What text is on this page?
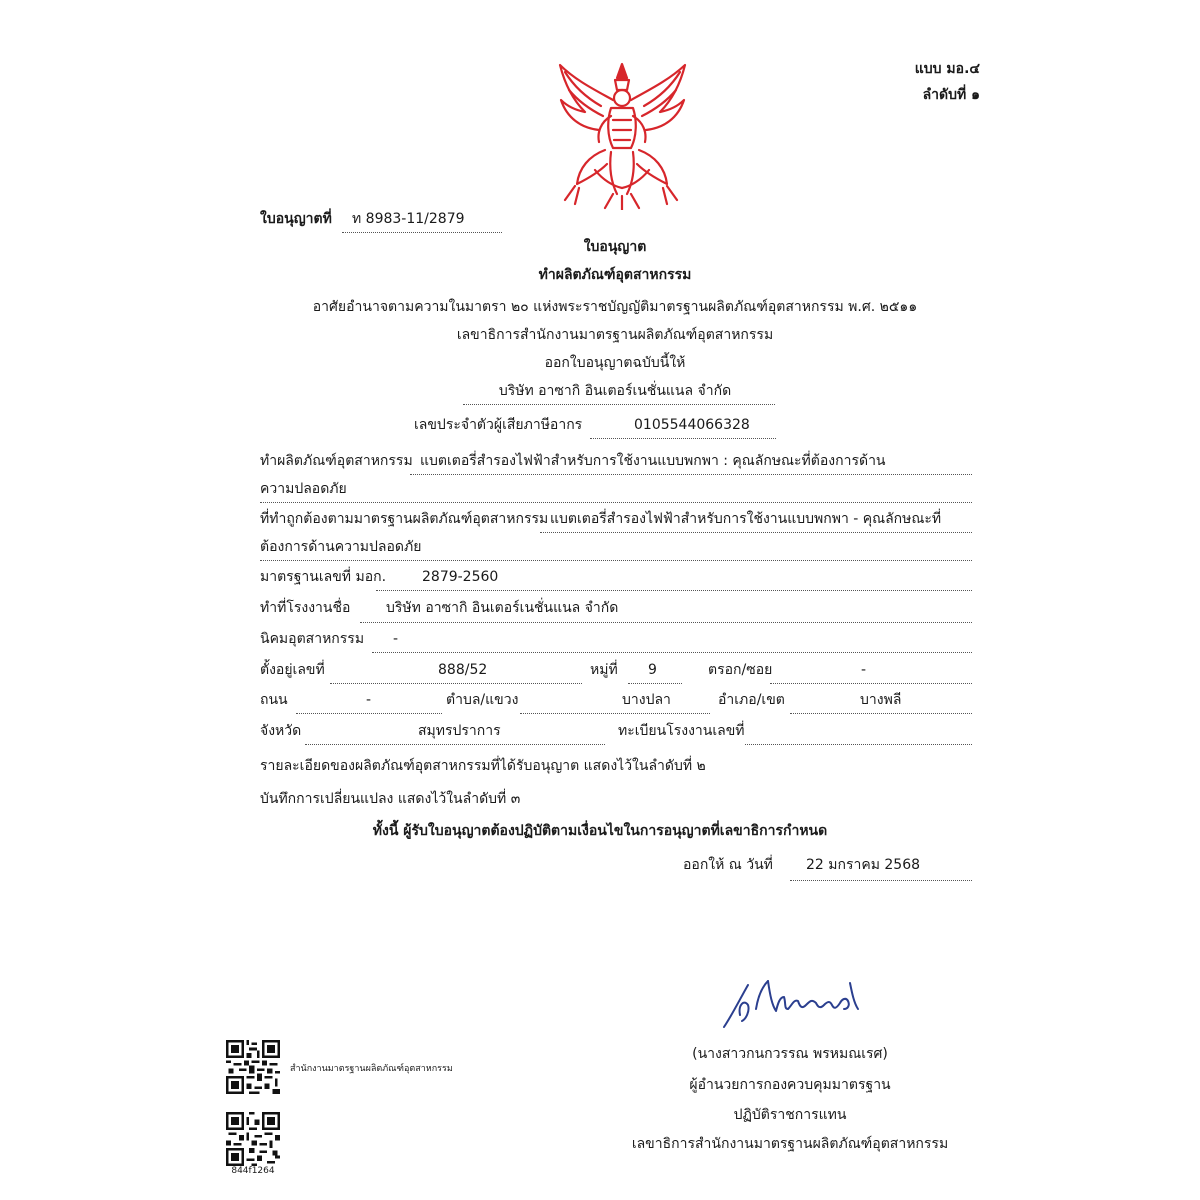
แบบ มอ.๔
ลำดับที่ ๑
ใบอนุญาตที่ ท 8983-11/2879
ใบอนุญาต
ทำผลิตภัณฑ์อุตสาหกรรม
อาศัยอำนาจตามความในมาตรา ๒๐ แห่งพระราชบัญญัติมาตรฐานผลิตภัณฑ์อุตสาหกรรม พ.ศ. ๒๕๑๑
เลขาธิการสำนักงานมาตรฐานผลิตภัณฑ์อุตสาหกรรม
ออกใบอนุญาตฉบับนี้ให้
บริษัท อาซากิ อินเตอร์เนชั่นแนล จำกัด
เลขประจำตัวผู้เสียภาษีอากร	0105544066328
ทำผลิตภัณฑ์อุตสาหกรรม แบตเตอรี่สำรองไฟฟ้าสำหรับการใช้งานแบบพกพา : คุณลักษณะที่ต้องการด้าน
ความปลอดภัย
ที่ทำถูกต้องตามมาตรฐานผลิตภัณฑ์อุตสาหกรรม แบตเตอรี่สำรองไฟฟ้าสำหรับการใช้งานแบบพกพา - คุณลักษณะที่
ต้องการด้านความปลอดภัย
มาตรฐานเลขที่ มอก.	2879-2560
ทำที่โรงงานชื่อ	บริษัท อาซากิ อินเตอร์เนชั่นแนล จำกัด
นิคมอุตสาหกรรม -
ตั้งอยู่เลขที่	888/52	หมู่ที่ 9	ตรอก/ซอย	-
ถนน	-	ตำบล/แขวง	บางปลา	อำเภอ/เขต	บางพลี
จังหวัด	สมุทรปราการ	ทะเบียนโรงงานเลขที่
รายละเอียดของผลิตภัณฑ์อุตสาหกรรมที่ได้รับอนุญาต แสดงไว้ในลำดับที่ ๒
บันทึกการเปลี่ยนแปลง แสดงไว้ในลำดับที่ ๓
ทั้งนี้ ผู้รับใบอนุญาตต้องปฏิบัติตามเงื่อนไขในการอนุญาตที่เลขาธิการกำหนด
ออกให้ ณ วันที่ 22 มกราคม 2568
(นางสาวกนกวรรณ พรหมณเรศ)
ผู้อำนวยการกองควบคุมมาตรฐาน
ปฏิบัติราชการแทน
เลขาธิการสำนักงานมาตรฐานผลิตภัณฑ์อุตสาหกรรม
สำนักงานมาตรฐานผลิตภัณฑ์อุตสาหกรรม
844f1264
